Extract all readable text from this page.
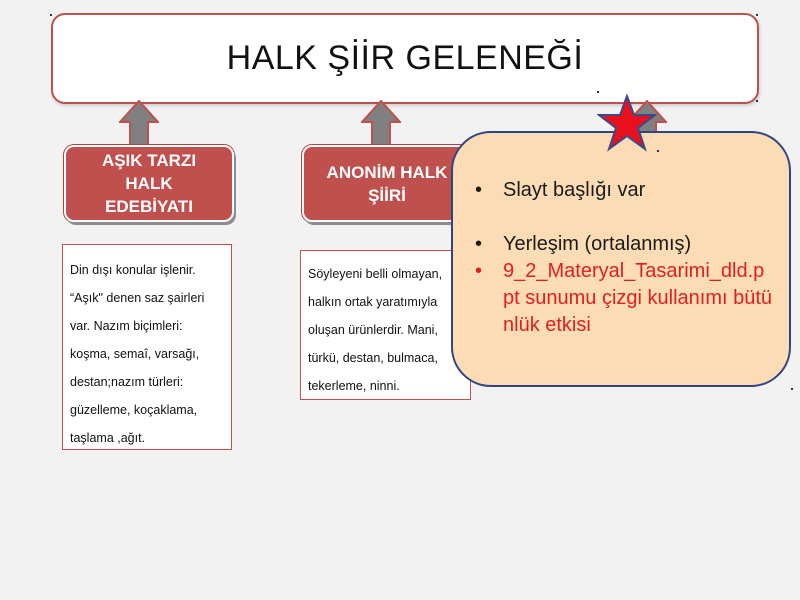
HALK ŞİİR GELENEĞİ
AŞIK TARZI HALK EDEBİYATI
ANONİM HALK ŞİİRİ
Din dışı konular işlenir.
“Aşık" denen saz şairleri
var. Nazım biçimleri:
koşma, semaî, varsağı,
destan;nazım türleri:
güzelleme, koçaklama,
taşlama ,ağıt.
Söyleyeni belli olmayan,
halkın ortak yaratımıyla
oluşan ürünlerdir. Mani,
türkü, destan, bulmaca,
tekerleme, ninni.
• Slayt başlığı var
• Yerleşim (ortalanmış)
• 9_2_Materyal_Tasarimi_dld.ppt sunumu çizgi kullanımı bütünlük etkisi
